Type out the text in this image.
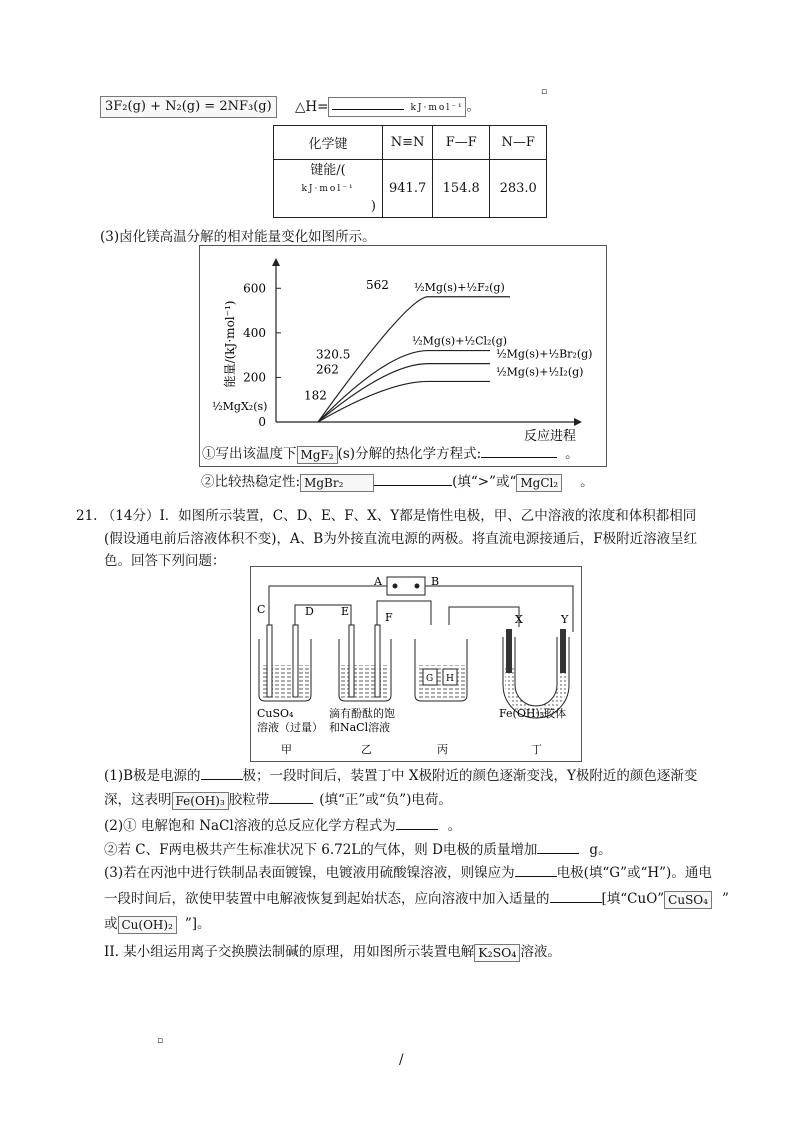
▫
3F₂(g) + N₂(g) = 2NF₃(g) △H=	kJ·mol⁻¹ 。
化学键	N≡N	F—F	N—F

键能/(
kJ·mol⁻¹
)	941.7	154.8	283.0
(3)卤化镁高温分解的相对能量变化如图所示。
0
200
400
600
能量/(kJ·mol⁻¹)
反应进程
½MgX₂(s)
½Mg(s)+½F₂(g)
562
½Mg(s)+½Cl₂(g)
320.5	½Mg(s)+½Br₂(g)
262	½Mg(s)+½I₂(g)
182
①写出该温度下 MgF₂ (s)分解的热化学方程式:	。
②比较热稳定性: MgBr₂	(填“>”或“ MgCl₂ 。
21. （14分）Ⅰ．如图所示装置，C、D、E、F、X、Y都是惰性电极，甲、乙中溶液的浓度和体积都相同
(假设通电前后溶液体积不变)，A、B为外接直流电源的两极。将直流电源接通后，F极附近溶液呈红
色。回答下列问题：
A	B
C	D E	F	X	Y
G H
CuSO₄
溶液（过量）
滴有酚酞的饱
和NaCl溶液
Fe(OH)₃胶体
甲	乙	丙	丁
(1)B极是电源的	极；一段时间后，装置丁中 X极附近的颜色逐渐变浅，Y极附近的颜色逐渐变
深，这表明 Fe(OH)₃ 胶粒带	(填“正”或“负”)电荷。
(2)① 电解饱和 NaCl溶液的总反应化学方程式为	。
②若 C、F两电极共产生标准状况下 6.72L的气体，则 D电极的质量增加	g。
(3)若在丙池中进行铁制品表面镀镍，电镀液用硫酸镍溶液，则镍应为	电极(填“G”或“H”)。通电
一段时间后，欲使甲装置中电解液恢复到起始状态，应向溶液中加入适量的	[填“CuO” CuSO₄ ”
或 Cu(OH)₂ ”]。
II. 某小组运用离子交换膜法制碱的原理，用如图所示装置电解 K₂SO₄ 溶液。
▫
/
